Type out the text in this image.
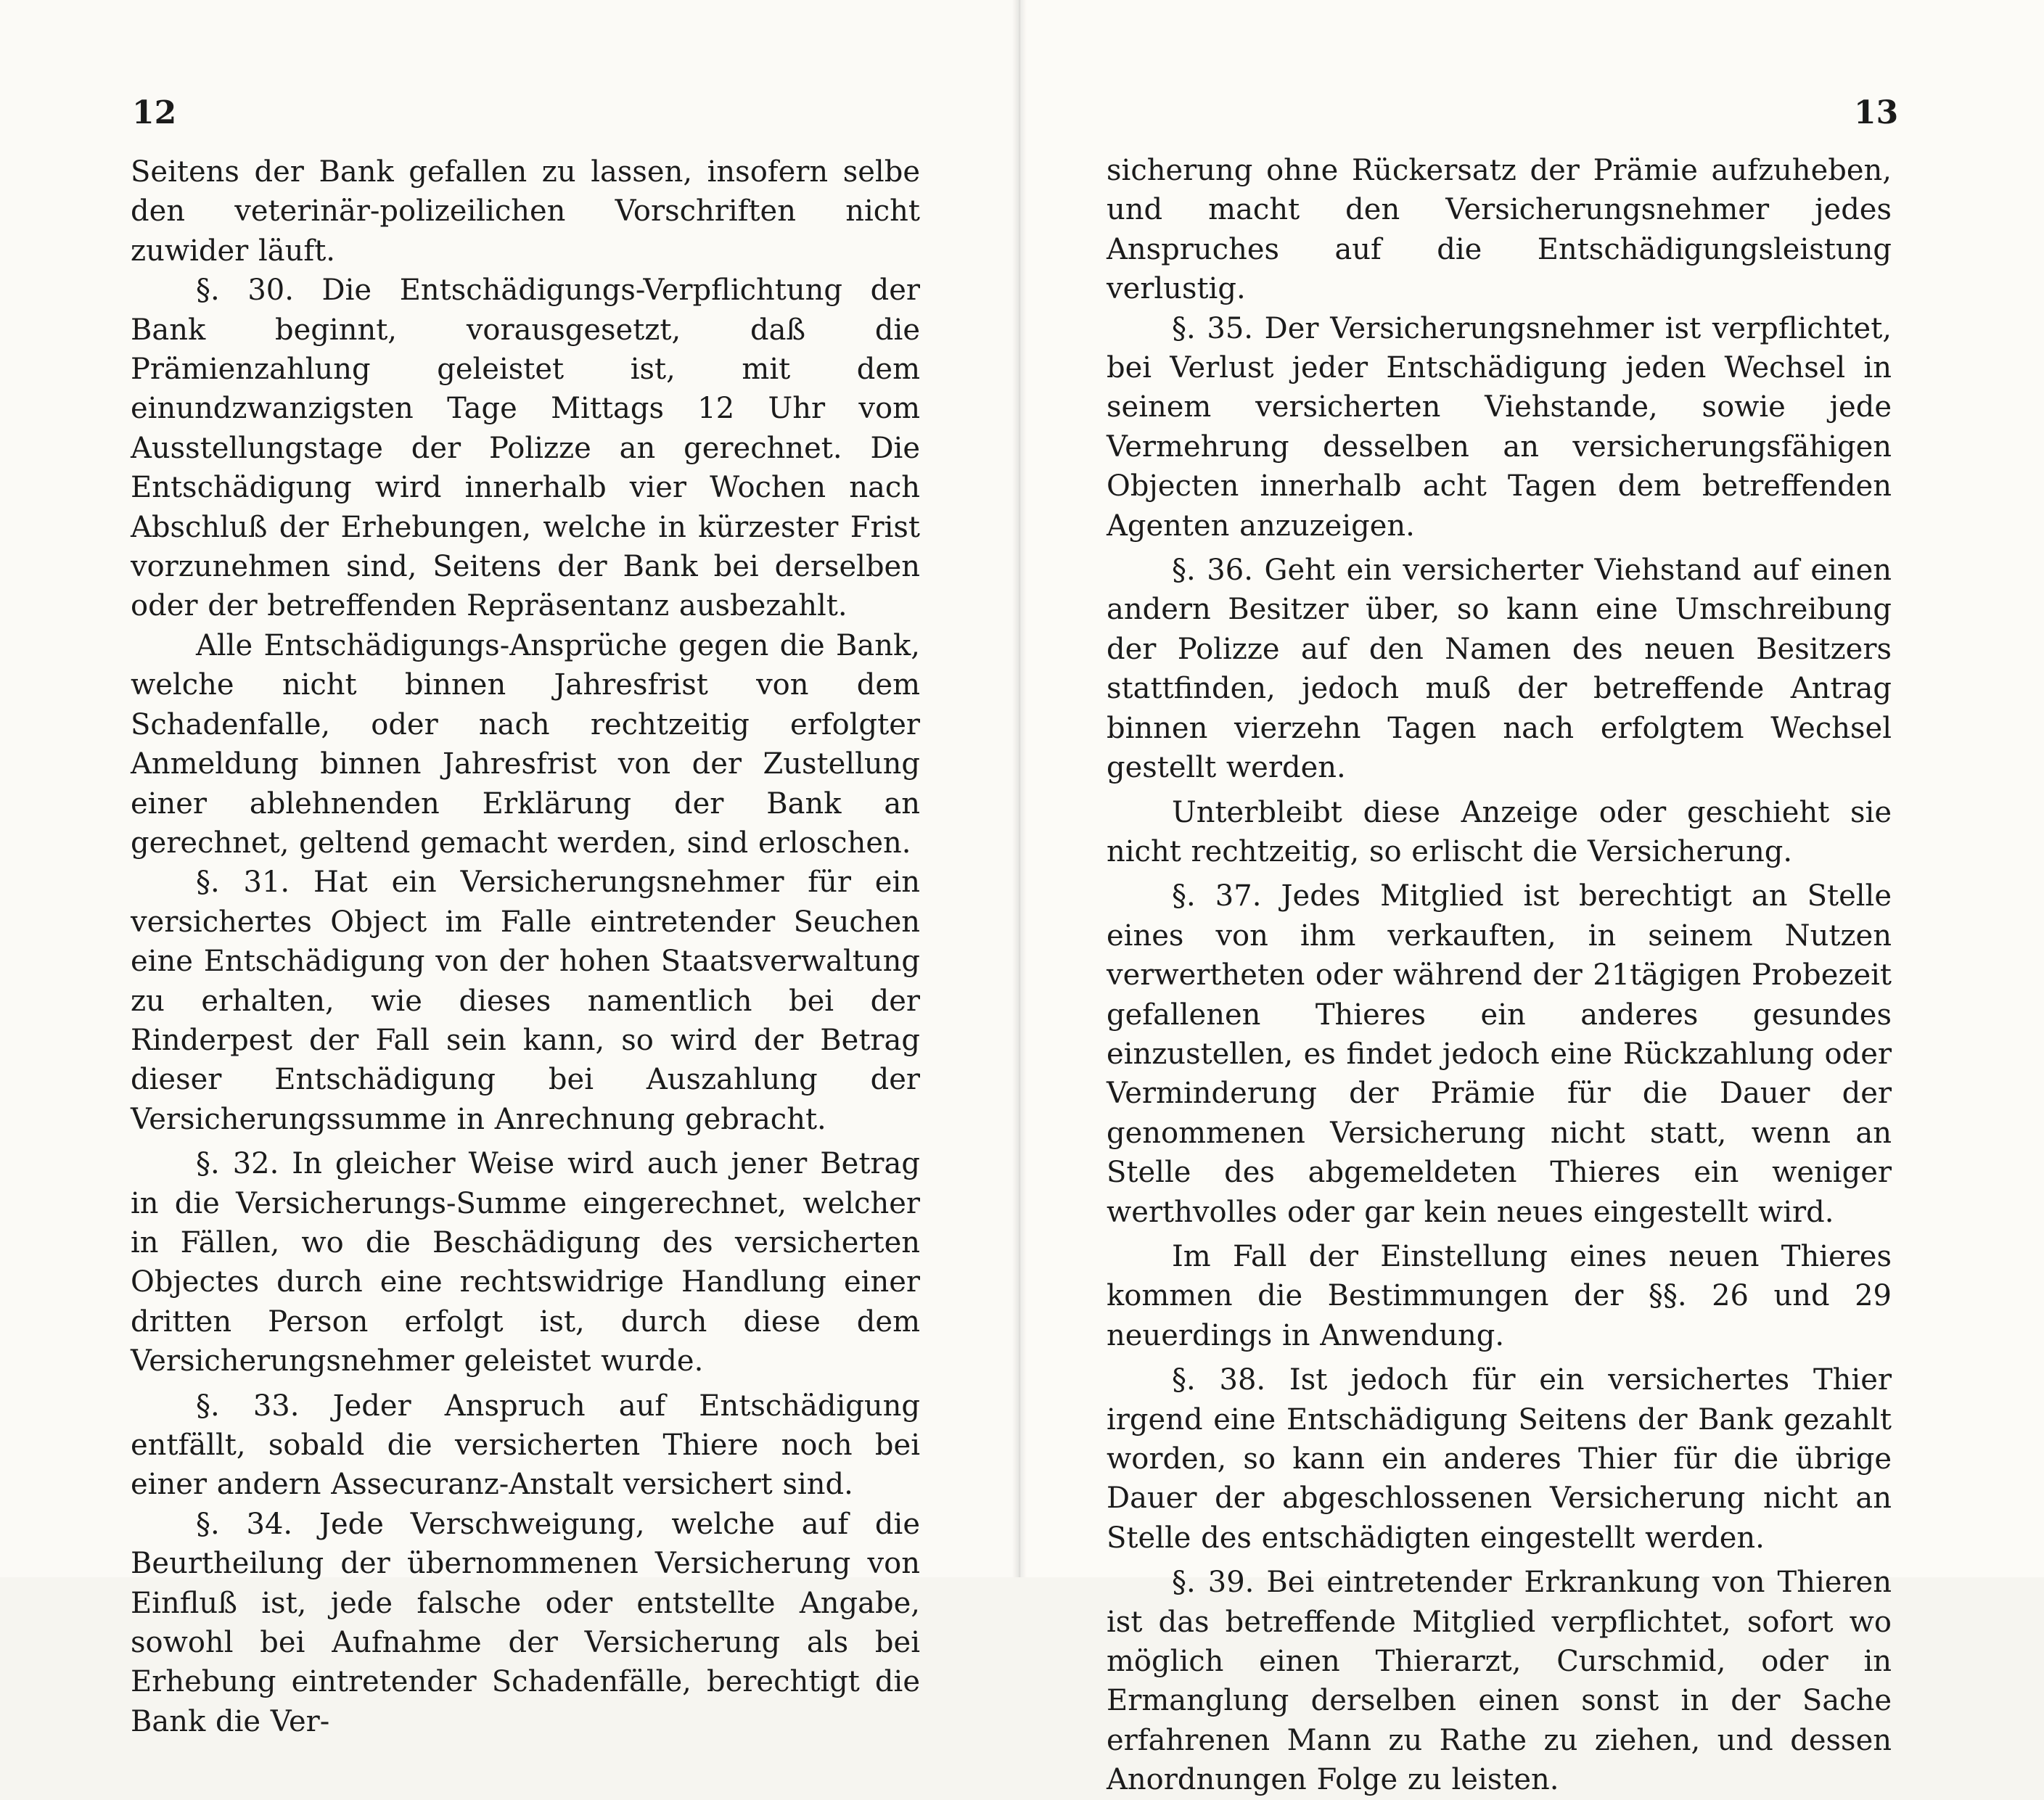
12

Seitens der Bank gefallen zu lassen, insofern selbe den veterinär-polizeilichen Vorschriften nicht zuwider läuft.

§. 30. Die Entschädigungs-Verpflichtung der Bank beginnt, vorausgesetzt, daß die Prämienzahlung geleistet ist, mit dem einundzwanzigsten Tage Mittags 12 Uhr vom Ausstellungstage der Polizze an gerechnet. Die Entschädigung wird innerhalb vier Wochen nach Abschluß der Erhebungen, welche in kürzester Frist vorzunehmen sind, Seitens der Bank bei derselben oder der betreffenden Repräsentanz ausbezahlt.

Alle Entschädigungs-Ansprüche gegen die Bank, welche nicht binnen Jahresfrist von dem Schadenfalle, oder nach rechtzeitig erfolgter Anmeldung binnen Jahresfrist von der Zustellung einer ablehnenden Erklärung der Bank an gerechnet, geltend gemacht werden, sind erloschen.

§. 31. Hat ein Versicherungsnehmer für ein versichertes Object im Falle eintretender Seuchen eine Entschädigung von der hohen Staatsverwaltung zu erhalten, wie dieses namentlich bei der Rinderpest der Fall sein kann, so wird der Betrag dieser Entschädigung bei Auszahlung der Versicherungssumme in Anrechnung gebracht.

§. 32. In gleicher Weise wird auch jener Betrag in die Versicherungs-Summe eingerechnet, welcher in Fällen, wo die Beschädigung des versicherten Objectes durch eine rechtswidrige Handlung einer dritten Person erfolgt ist, durch diese dem Versicherungsnehmer geleistet wurde.

§. 33. Jeder Anspruch auf Entschädigung entfällt, sobald die versicherten Thiere noch bei einer andern Assecuranz-Anstalt versichert sind.

§. 34. Jede Verschweigung, welche auf die Beurtheilung der übernommenen Versicherung von Einfluß ist, jede falsche oder entstellte Angabe, sowohl bei Aufnahme der Versicherung als bei Erhebung eintretender Schadenfälle, berechtigt die Bank die Ver-

13

sicherung ohne Rückersatz der Prämie aufzuheben, und macht den Versicherungsnehmer jedes Anspruches auf die Entschädigungsleistung verlustig.

§. 35. Der Versicherungsnehmer ist verpflichtet, bei Verlust jeder Entschädigung jeden Wechsel in seinem versicherten Viehstande, sowie jede Vermehrung desselben an versicherungsfähigen Objecten innerhalb acht Tagen dem betreffenden Agenten anzuzeigen.

§. 36. Geht ein versicherter Viehstand auf einen andern Besitzer über, so kann eine Umschreibung der Polizze auf den Namen des neuen Besitzers stattfinden, jedoch muß der betreffende Antrag binnen vierzehn Tagen nach erfolgtem Wechsel gestellt werden.

Unterbleibt diese Anzeige oder geschieht sie nicht rechtzeitig, so erlischt die Versicherung.

§. 37. Jedes Mitglied ist berechtigt an Stelle eines von ihm verkauften, in seinem Nutzen verwertheten oder während der 21tägigen Probezeit gefallenen Thieres ein anderes gesundes einzustellen, es findet jedoch eine Rückzahlung oder Verminderung der Prämie für die Dauer der genommenen Versicherung nicht statt, wenn an Stelle des abgemeldeten Thieres ein weniger werthvolles oder gar kein neues eingestellt wird.

Im Fall der Einstellung eines neuen Thieres kommen die Bestimmungen der §§. 26 und 29 neuerdings in Anwendung.

§. 38. Ist jedoch für ein versichertes Thier irgend eine Entschädigung Seitens der Bank gezahlt worden, so kann ein anderes Thier für die übrige Dauer der abgeschlossenen Versicherung nicht an Stelle des entschädigten eingestellt werden.

§. 39. Bei eintretender Erkrankung von Thieren ist das betreffende Mitglied verpflichtet, sofort wo möglich einen Thierarzt, Curschmid, oder in Ermanglung derselben einen sonst in der Sache erfahrenen Mann zu Rathe zu ziehen, und dessen Anordnungen Folge zu leisten.
